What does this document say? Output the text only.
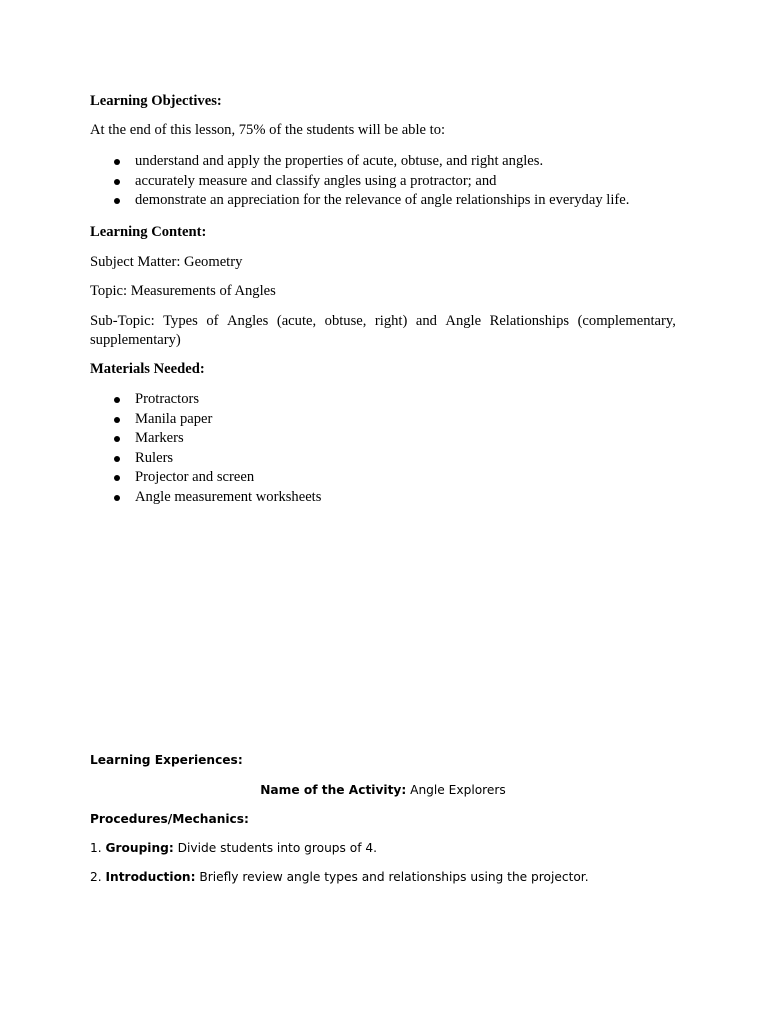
Learning Objectives:

At the end of this lesson, 75% of the students will be able to:

understand and apply the properties of acute, obtuse, and right angles.
accurately measure and classify angles using a protractor; and
demonstrate an appreciation for the relevance of angle relationships in everyday life.

Learning Content:

Subject Matter: Geometry

Topic: Measurements of Angles

Sub-Topic: Types of Angles (acute, obtuse, right) and Angle Relationships (complementary,
supplementary)

Materials Needed:

Protractors
Manila paper
Markers
Rulers
Projector and screen
Angle measurement worksheets

Learning Experiences:

Name of the Activity: Angle Explorers

Procedures/Mechanics:

1. Grouping: Divide students into groups of 4.

2. Introduction: Briefly review angle types and relationships using the projector.
